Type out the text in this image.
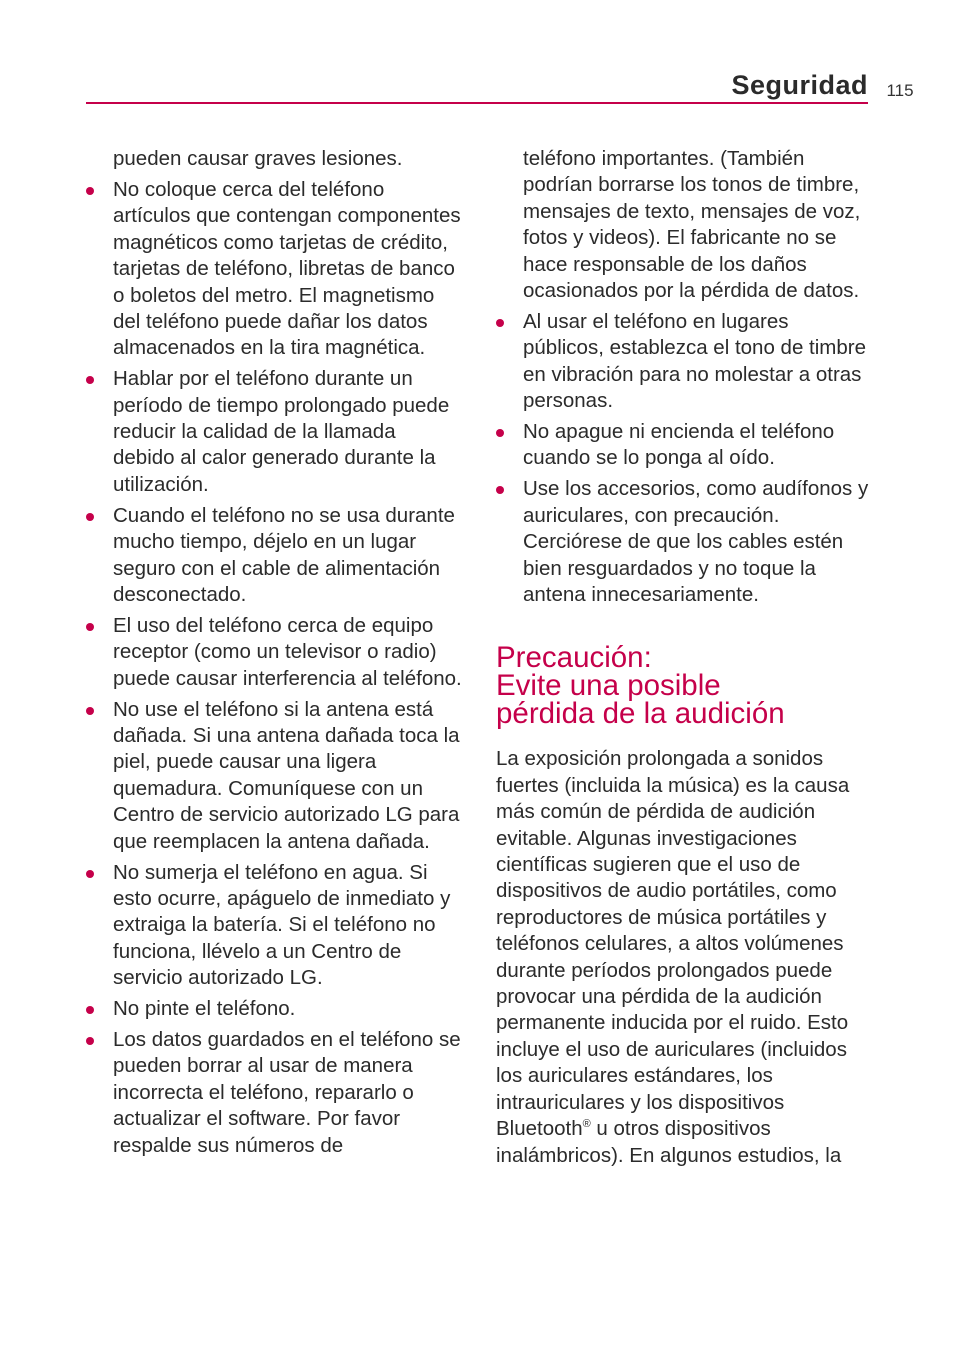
Seguridad	115
pueden causar graves lesiones.
No coloque cerca del teléfono artículos que contengan componentes magnéticos como tarjetas de crédito, tarjetas de teléfono, libretas de banco o boletos del metro. El magnetismo del teléfono puede dañar los datos almacenados en la tira magnética.
Hablar por el teléfono durante un período de tiempo prolongado puede reducir la calidad de la llamada debido al calor generado durante la utilización.
Cuando el teléfono no se usa durante mucho tiempo, déjelo en un lugar seguro con el cable de alimentación desconectado.
El uso del teléfono cerca de equipo receptor (como un televisor o radio) puede causar interferencia al teléfono.
No use el teléfono si la antena está dañada. Si una antena dañada toca la piel, puede causar una ligera quemadura. Comuníquese con un Centro de servicio autorizado LG para que reemplacen la antena dañada.
No sumerja el teléfono en agua. Si esto ocurre, apáguelo de inmediato y extraiga la batería. Si el teléfono no funciona, llévelo a un Centro de servicio autorizado LG.
No pinte el teléfono.
Los datos guardados en el teléfono se pueden borrar al usar de manera incorrecta el teléfono, repararlo o actualizar el software. Por favor respalde sus números de
teléfono importantes. (También podrían borrarse los tonos de timbre, mensajes de texto, mensajes de voz, fotos y videos). El fabricante no se hace responsable de los daños ocasionados por la pérdida de datos.
Al usar el teléfono en lugares públicos, establezca el tono de timbre en vibración para no molestar a otras personas.
No apague ni encienda el teléfono cuando se lo ponga al oído.
Use los accesorios, como audífonos y auriculares, con precaución. Cerciórese de que los cables estén bien resguardados y no toque la antena innecesariamente.
Precaución:
Evite una posible
pérdida de la audición

La exposición prolongada a sonidos fuertes (incluida la música) es la causa más común de pérdida de audición evitable. Algunas investigaciones científicas sugieren que el uso de dispositivos de audio portátiles, como reproductores de música portátiles y teléfonos celulares, a altos volúmenes durante períodos prolongados puede provocar una pérdida de la audición permanente inducida por el ruido. Esto incluye el uso de auriculares (incluidos los auriculares estándares, los intrauriculares y los dispositivos Bluetooth® u otros dispositivos inalámbricos). En algunos estudios, la
